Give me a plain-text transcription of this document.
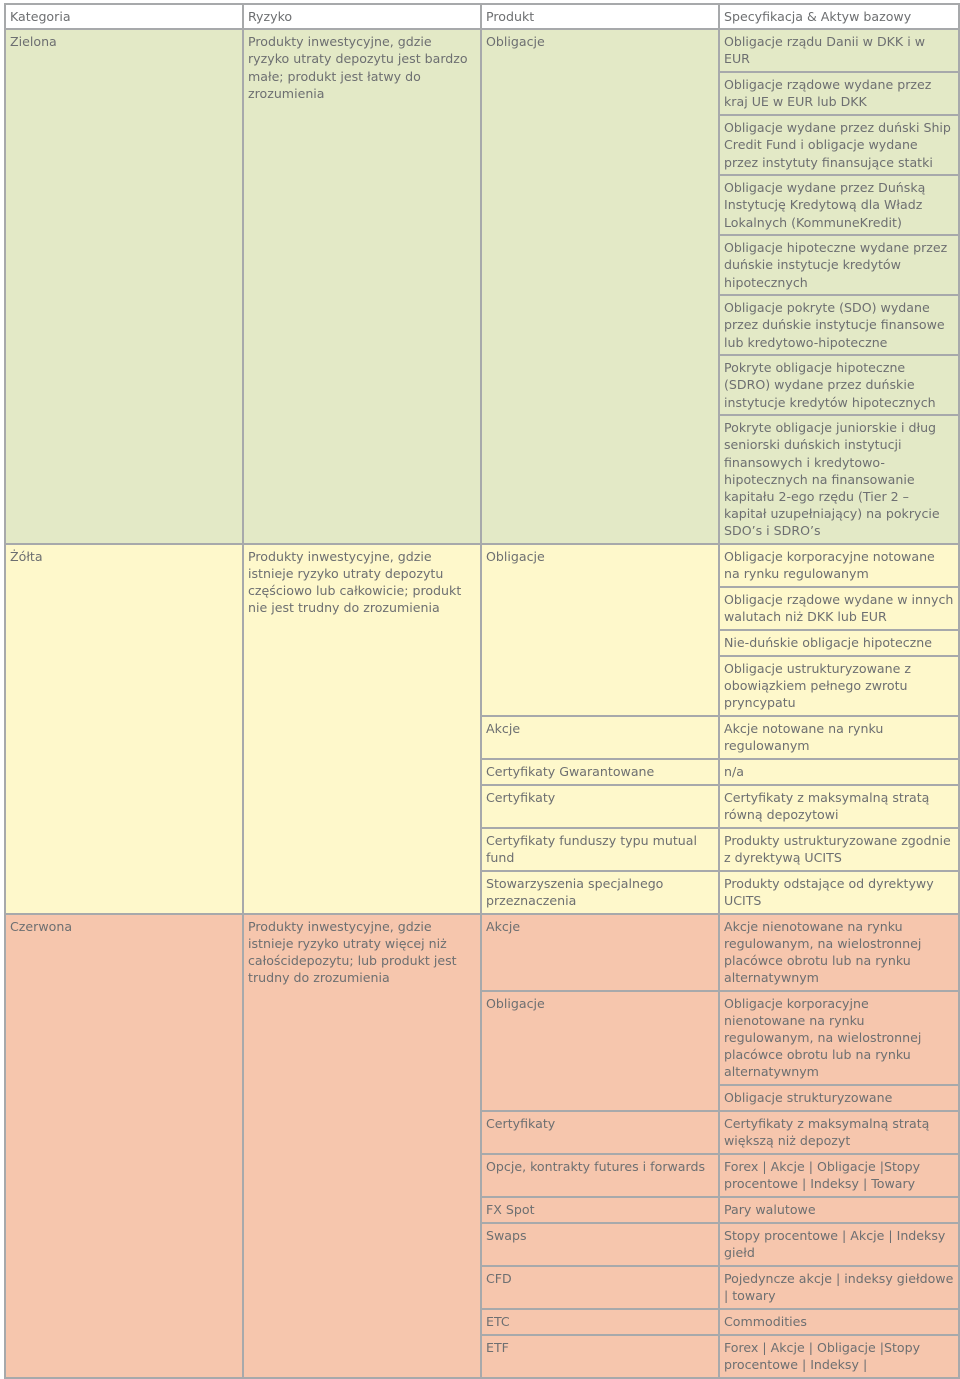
Kategoria	Ryzyko	Produkt	Specyfikacja & Aktyw bazowy
Zielona	Produkty inwestycyjne, gdzie ryzyko utraty depozytu jest bardzo małe; produkt jest łatwy do zrozumienia	Obligacje	Obligacje rządu Danii w DKK i w EUR
			Obligacje rządowe wydane przez kraj UE w EUR lub DKK
			Obligacje wydane przez duński Ship Credit Fund i obligacje wydane przez instytuty finansujące statki
			Obligacje wydane przez Duńską Instytucję Kredytową dla Władz Lokalnych (KommuneKredit)
			Obligacje hipoteczne wydane przez duńskie instytucje kredytów hipotecznych
			Obligacje pokryte (SDO) wydane przez duńskie instytucje finansowe lub kredytowo-hipoteczne
			Pokryte obligacje hipoteczne (SDRO) wydane przez duńskie instytucje kredytów hipotecznych
			Pokryte obligacje juniorskie i dług seniorski duńskich instytucji finansowych i kredytowo-hipotecznych na finansowanie kapitału 2-ego rzędu (Tier 2 – kapitał uzupełniający) na pokrycie SDO’s i SDRO’s
Żółta	Produkty inwestycyjne, gdzie istnieje ryzyko utraty depozytu częściowo lub całkowicie; produkt nie jest trudny do zrozumienia	Obligacje	Obligacje korporacyjne notowane na rynku regulowanym
			Obligacje rządowe wydane w innych walutach niż DKK lub EUR
			Nie-duńskie obligacje hipoteczne
			Obligacje ustrukturyzowane z obowiązkiem pełnego zwrotu pryncypatu
		Akcje	Akcje notowane na rynku regulowanym
		Certyfikaty Gwarantowane	n/a
		Certyfikaty	Certyfikaty z maksymalną stratą równą depozytowi
		Certyfikaty funduszy typu mutual fund	Produkty ustrukturyzowane zgodnie z dyrektywą UCITS
		Stowarzyszenia specjalnego przeznaczenia	Produkty odstające od dyrektywy UCITS
Czerwona	Produkty inwestycyjne, gdzie istnieje ryzyko utraty więcej niż całościdepozytu; lub produkt jest trudny do zrozumienia	Akcje	Akcje nienotowane na rynku regulowanym, na wielostronnej placówce obrotu lub na rynku alternatywnym
		Obligacje	Obligacje korporacyjne nienotowane na rynku regulowanym, na wielostronnej placówce obrotu lub na rynku alternatywnym
			Obligacje strukturyzowane
		Certyfikaty	Certyfikaty z maksymalną stratą większą niż depozyt
		Opcje, kontrakty futures i forwards	Forex | Akcje | Obligacje |Stopy procentowe | Indeksy | Towary
		FX Spot	Pary walutowe
		Swaps	Stopy procentowe | Akcje | Indeksy giełd
		CFD	Pojedyncze akcje | indeksy giełdowe | towary
		ETC	Commodities
		ETF	Forex | Akcje | Obligacje |Stopy procentowe | Indeksy |
